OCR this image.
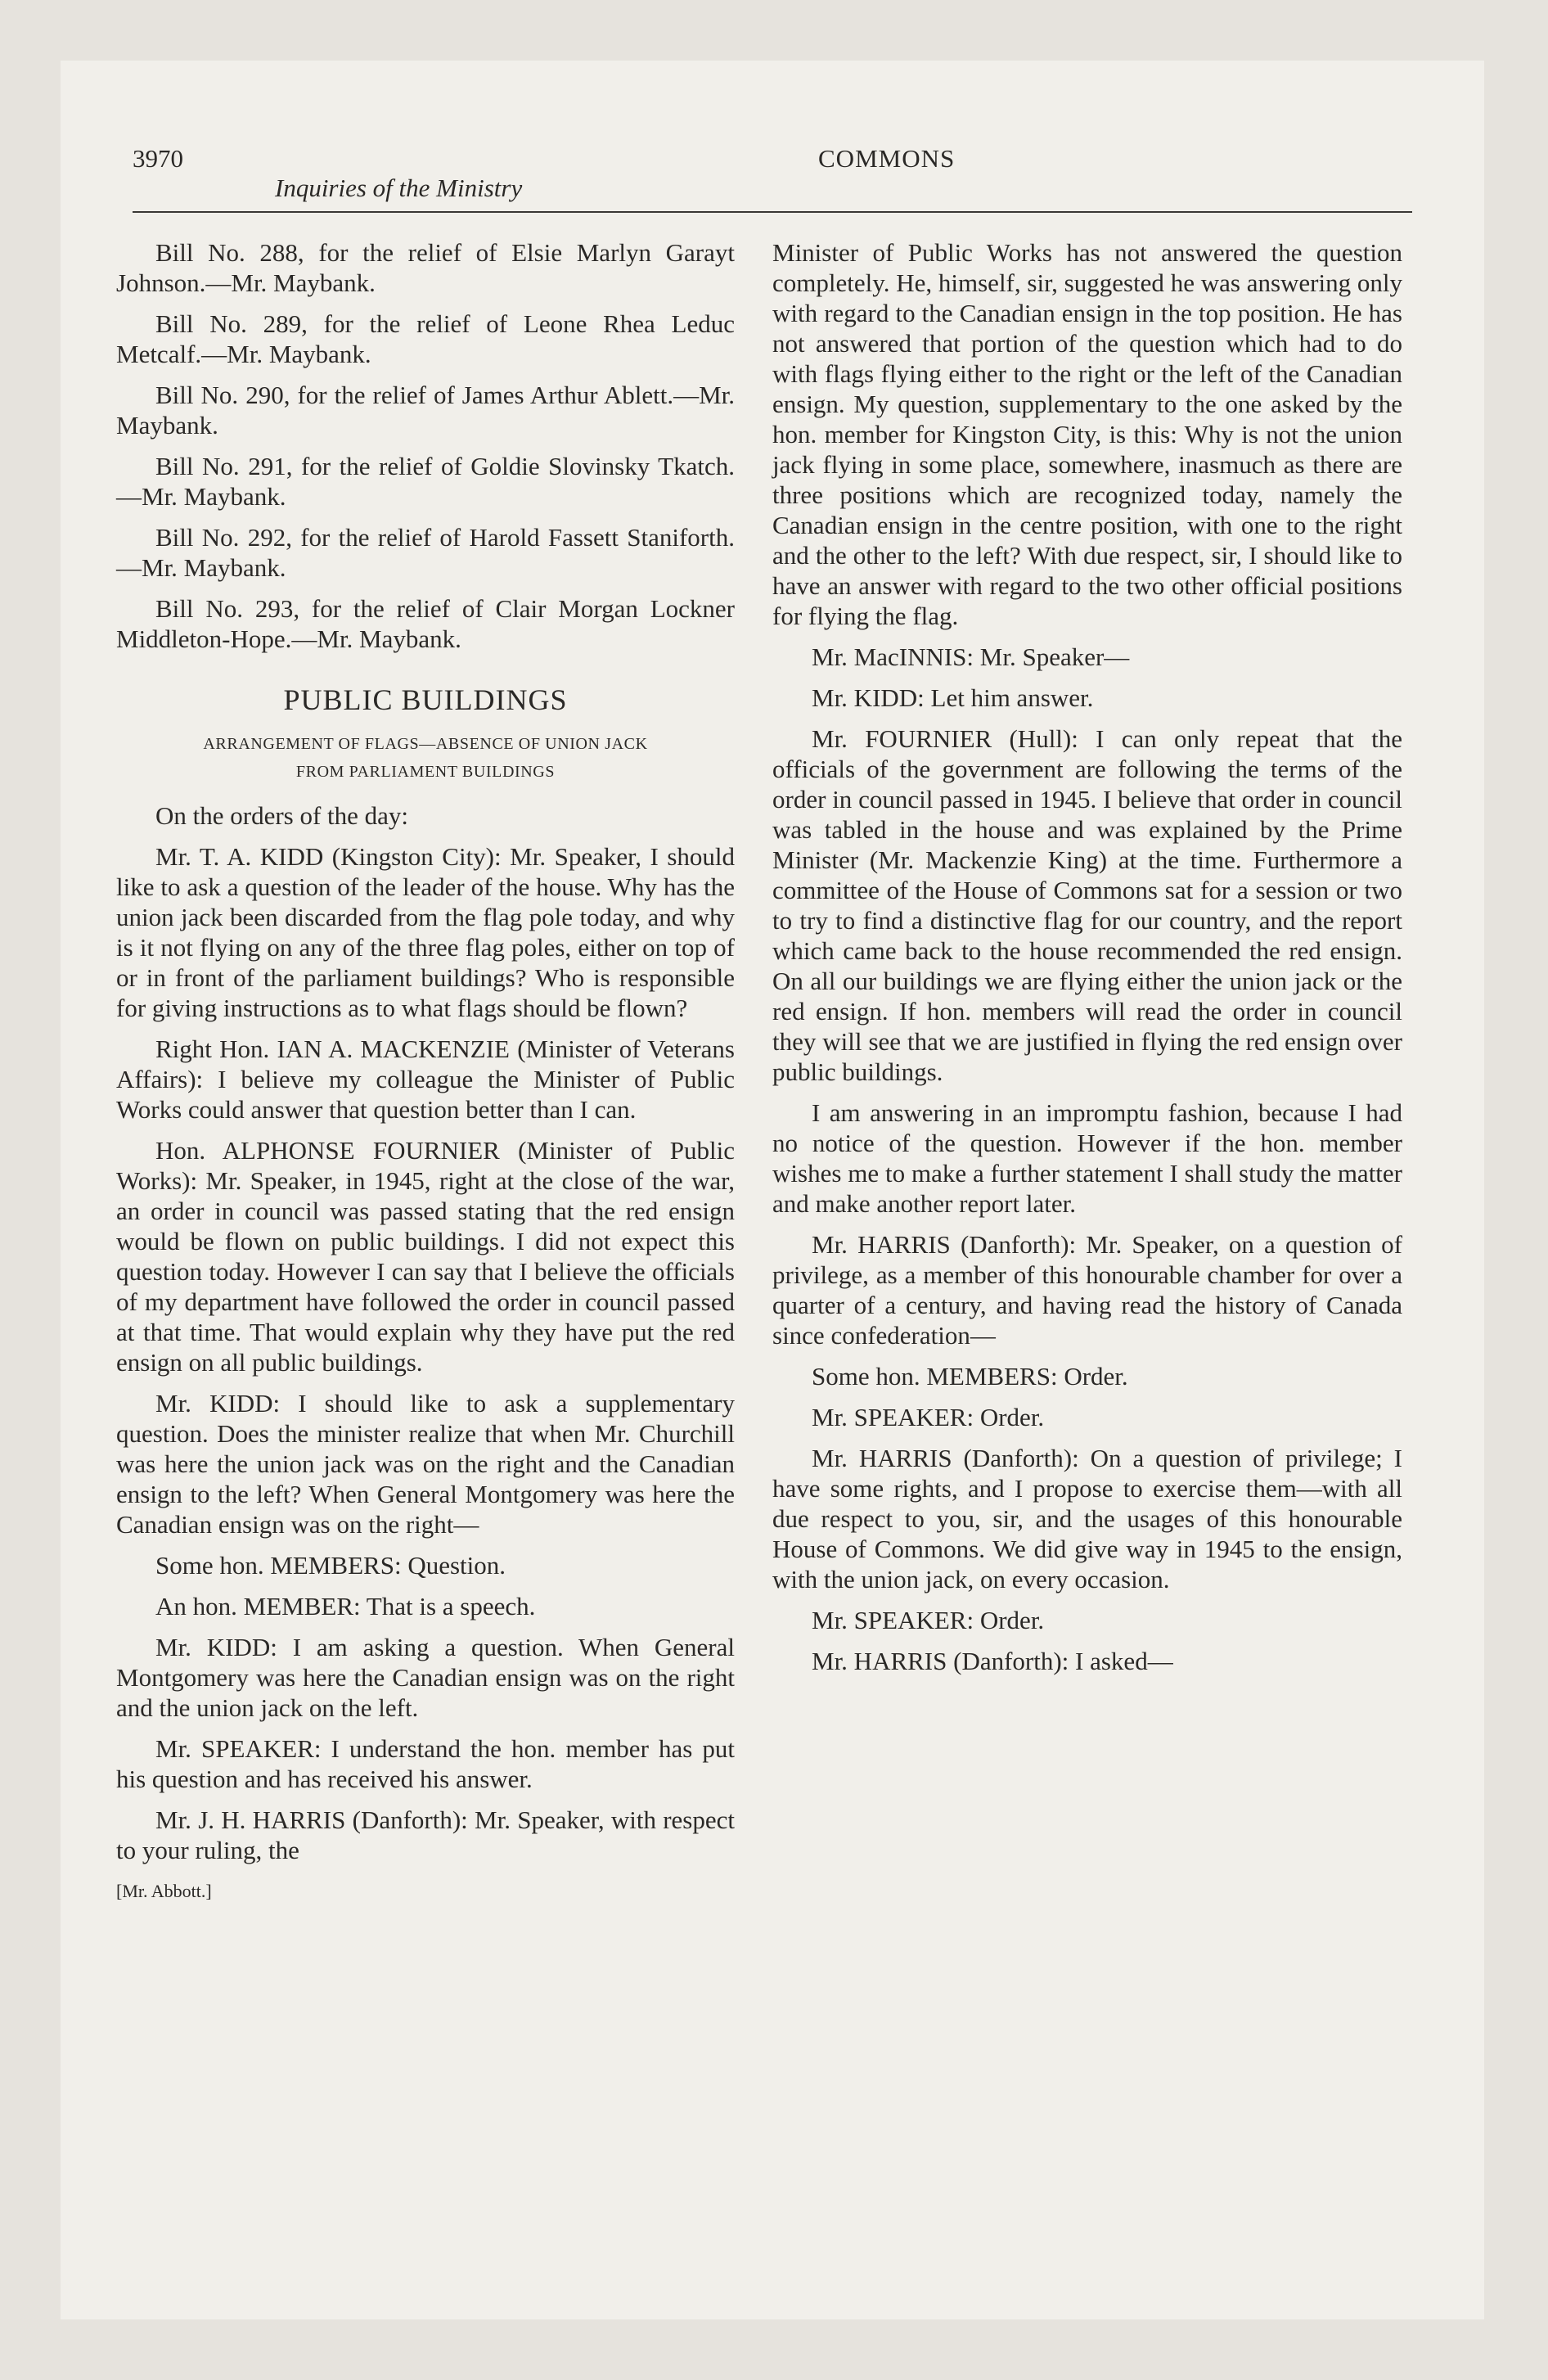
3970	COMMONS
Inquiries of the Ministry

Bill No. 288, for the relief of Elsie Marlyn Garayt Johnson.—Mr. Maybank.

Bill No. 289, for the relief of Leone Rhea Leduc Metcalf.—Mr. Maybank.

Bill No. 290, for the relief of James Arthur Ablett.—Mr. Maybank.

Bill No. 291, for the relief of Goldie Slovinsky Tkatch.—Mr. Maybank.

Bill No. 292, for the relief of Harold Fassett Staniforth.—Mr. Maybank.

Bill No. 293, for the relief of Clair Morgan Lockner Middleton-Hope.—Mr. Maybank.

PUBLIC BUILDINGS
ARRANGEMENT OF FLAGS—ABSENCE OF UNION JACK
FROM PARLIAMENT BUILDINGS

On the orders of the day:

Mr. T. A. KIDD (Kingston City): Mr. Speaker, I should like to ask a question of the leader of the house. Why has the union jack been discarded from the flag pole today, and why is it not flying on any of the three flag poles, either on top of or in front of the parliament buildings? Who is responsible for giving instructions as to what flags should be flown?

Right Hon. IAN A. MACKENZIE (Minister of Veterans Affairs): I believe my colleague the Minister of Public Works could answer that question better than I can.

Hon. ALPHONSE FOURNIER (Minister of Public Works): Mr. Speaker, in 1945, right at the close of the war, an order in council was passed stating that the red ensign would be flown on public buildings. I did not expect this question today. However I can say that I believe the officials of my department have followed the order in council passed at that time. That would explain why they have put the red ensign on all public buildings.

Mr. KIDD: I should like to ask a supplementary question. Does the minister realize that when Mr. Churchill was here the union jack was on the right and the Canadian ensign to the left? When General Montgomery was here the Canadian ensign was on the right—

Some hon. MEMBERS: Question.

An hon. MEMBER: That is a speech.

Mr. KIDD: I am asking a question. When General Montgomery was here the Canadian ensign was on the right and the union jack on the left.

Mr. SPEAKER: I understand the hon. member has put his question and has received his answer.

Mr. J. H. HARRIS (Danforth): Mr. Speaker, with respect to your ruling, the

[Mr. Abbott.]

Minister of Public Works has not answered the question completely. He, himself, sir, suggested he was answering only with regard to the Canadian ensign in the top position. He has not answered that portion of the question which had to do with flags flying either to the right or the left of the Canadian ensign. My question, supplementary to the one asked by the hon. member for Kingston City, is this: Why is not the union jack flying in some place, somewhere, inasmuch as there are three positions which are recognized today, namely the Canadian ensign in the centre position, with one to the right and the other to the left? With due respect, sir, I should like to have an answer with regard to the two other official positions for flying the flag.

Mr. MacINNIS: Mr. Speaker—

Mr. KIDD: Let him answer.

Mr. FOURNIER (Hull): I can only repeat that the officials of the government are following the terms of the order in council passed in 1945. I believe that order in council was tabled in the house and was explained by the Prime Minister (Mr. Mackenzie King) at the time. Furthermore a committee of the House of Commons sat for a session or two to try to find a distinctive flag for our country, and the report which came back to the house recommended the red ensign. On all our buildings we are flying either the union jack or the red ensign. If hon. members will read the order in council they will see that we are justified in flying the red ensign over public buildings.

I am answering in an impromptu fashion, because I had no notice of the question. However if the hon. member wishes me to make a further statement I shall study the matter and make another report later.

Mr. HARRIS (Danforth): Mr. Speaker, on a question of privilege, as a member of this honourable chamber for over a quarter of a century, and having read the history of Canada since confederation—

Some hon. MEMBERS: Order.

Mr. SPEAKER: Order.

Mr. HARRIS (Danforth): On a question of privilege; I have some rights, and I propose to exercise them—with all due respect to you, sir, and the usages of this honourable House of Commons. We did give way in 1945 to the ensign, with the union jack, on every occasion.

Mr. SPEAKER: Order.

Mr. HARRIS (Danforth): I asked—
